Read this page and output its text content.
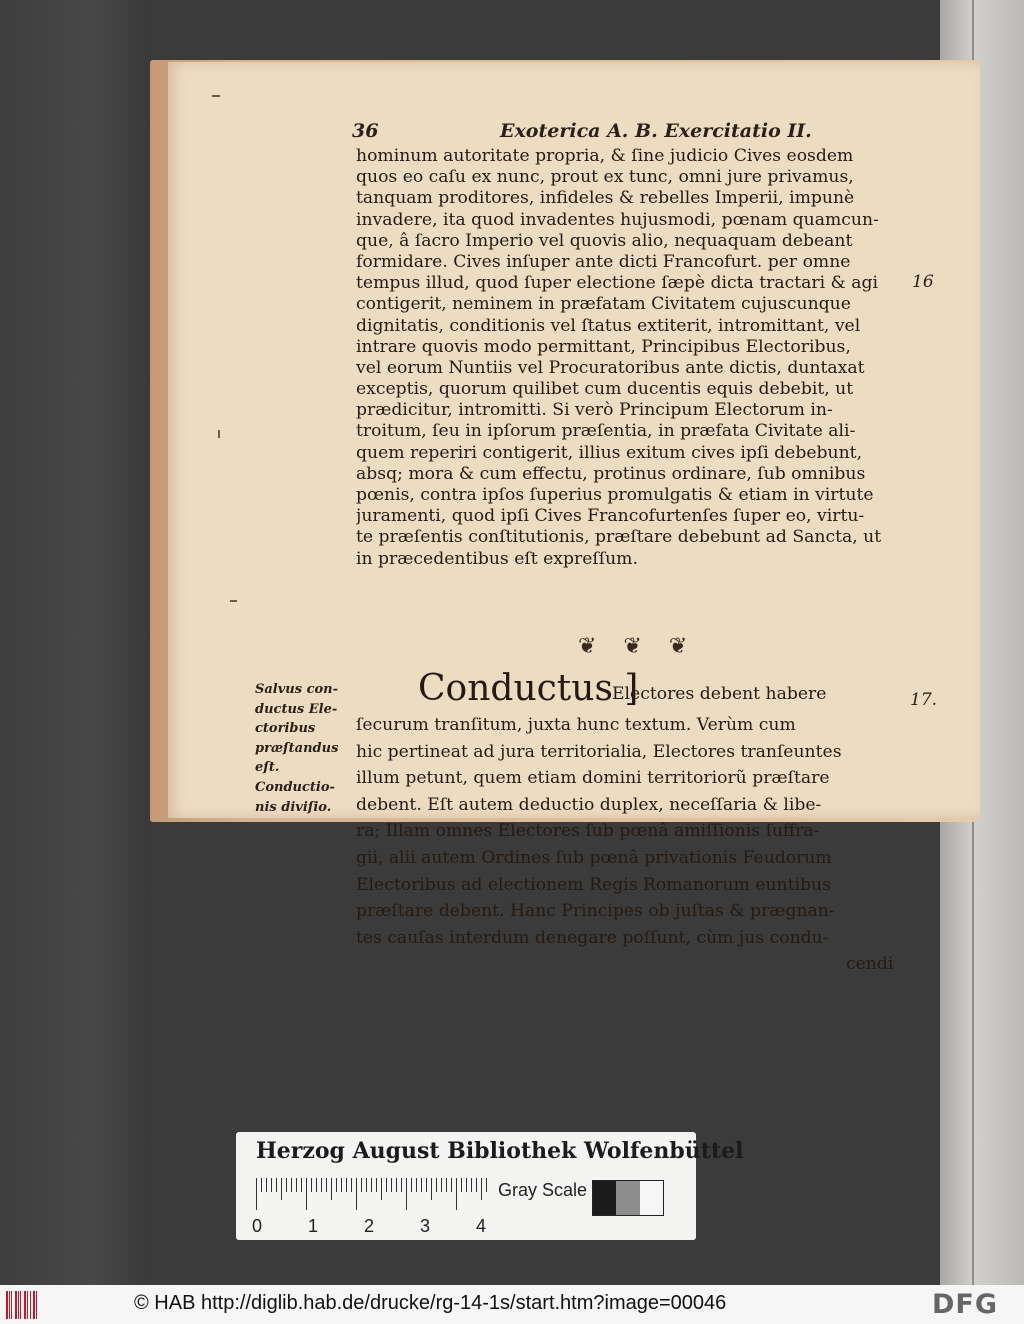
36	Exoterica A. B. Exercitatio II.
hominum autoritate propria, & ſine judicio Cives eosdem
quos eo caſu ex nunc, prout ex tunc, omni jure privamus,
tanquam proditores, infideles & rebelles Imperii, impunè
invadere, ita quod invadentes hujusmodi, pœnam quamcun-
que, â ſacro Imperio vel quovis alio, nequaquam debeant
formidare. Cives inſuper ante dicti Francofurt. per omne
tempus illud, quod ſuper electione ſæpè dicta tractari & agi
contigerit, neminem in præfatam Civitatem cujuscunque
dignitatis, conditionis vel ſtatus extiterit, intromittant, vel
intrare quovis modo permittant, Principibus Electoribus,
vel eorum Nuntiis vel Procuratoribus ante dictis, duntaxat
exceptis, quorum quilibet cum ducentis equis debebit, ut
prædicitur, intromitti. Si verò Principum Electorum in-
troitum, ſeu in ipſorum præſentia, in præfata Civitate ali-
quem reperiri contigerit, illius exitum cives ipſi debebunt,
absq; mora & cum effectu, protinus ordinare, ſub omnibus
pœnis, contra ipſos ſuperius promulgatis & etiam in virtute
juramenti, quod ipſi Cives Francofurtenſes ſuper eo, virtu-
te præſentis conſtitutionis, præſtare debebunt ad Sancta, ut
in præcedentibus eſt expreſſum.
16
❦ ❦ ❦
Conductus ]
Electores debent habere	17.
Salvus con-
ductus Ele-
ctoribus
præſtandus
eſt.
Conductio-
nis diviſio.
ſecurum tranſitum, juxta hunc textum. Verùm cum
hic pertineat ad jura territorialia, Electores tranſeuntes
illum petunt, quem etiam domini territoriorũ præſtare
debent. Eſt autem deductio duplex, neceſſaria & libe-
ra; Illam omnes Electores ſub pœnâ amiſſionis ſuffra-
gii, alii autem Ordines ſub pœnâ privationis Feudorum
Electoribus ad electionem Regis Romanorum euntibus
præſtare debent. Hanc Principes ob juſtas & prægnan-
tes cauſas interdum denegare poſſunt, cùm jus condu-
cendi
Herzog August Bibliothek Wolfenbüttel
0	1	2	3	4
Gray Scale
© HAB http://diglib.hab.de/drucke/rg-14-1s/start.htm?image=00046	DFG
